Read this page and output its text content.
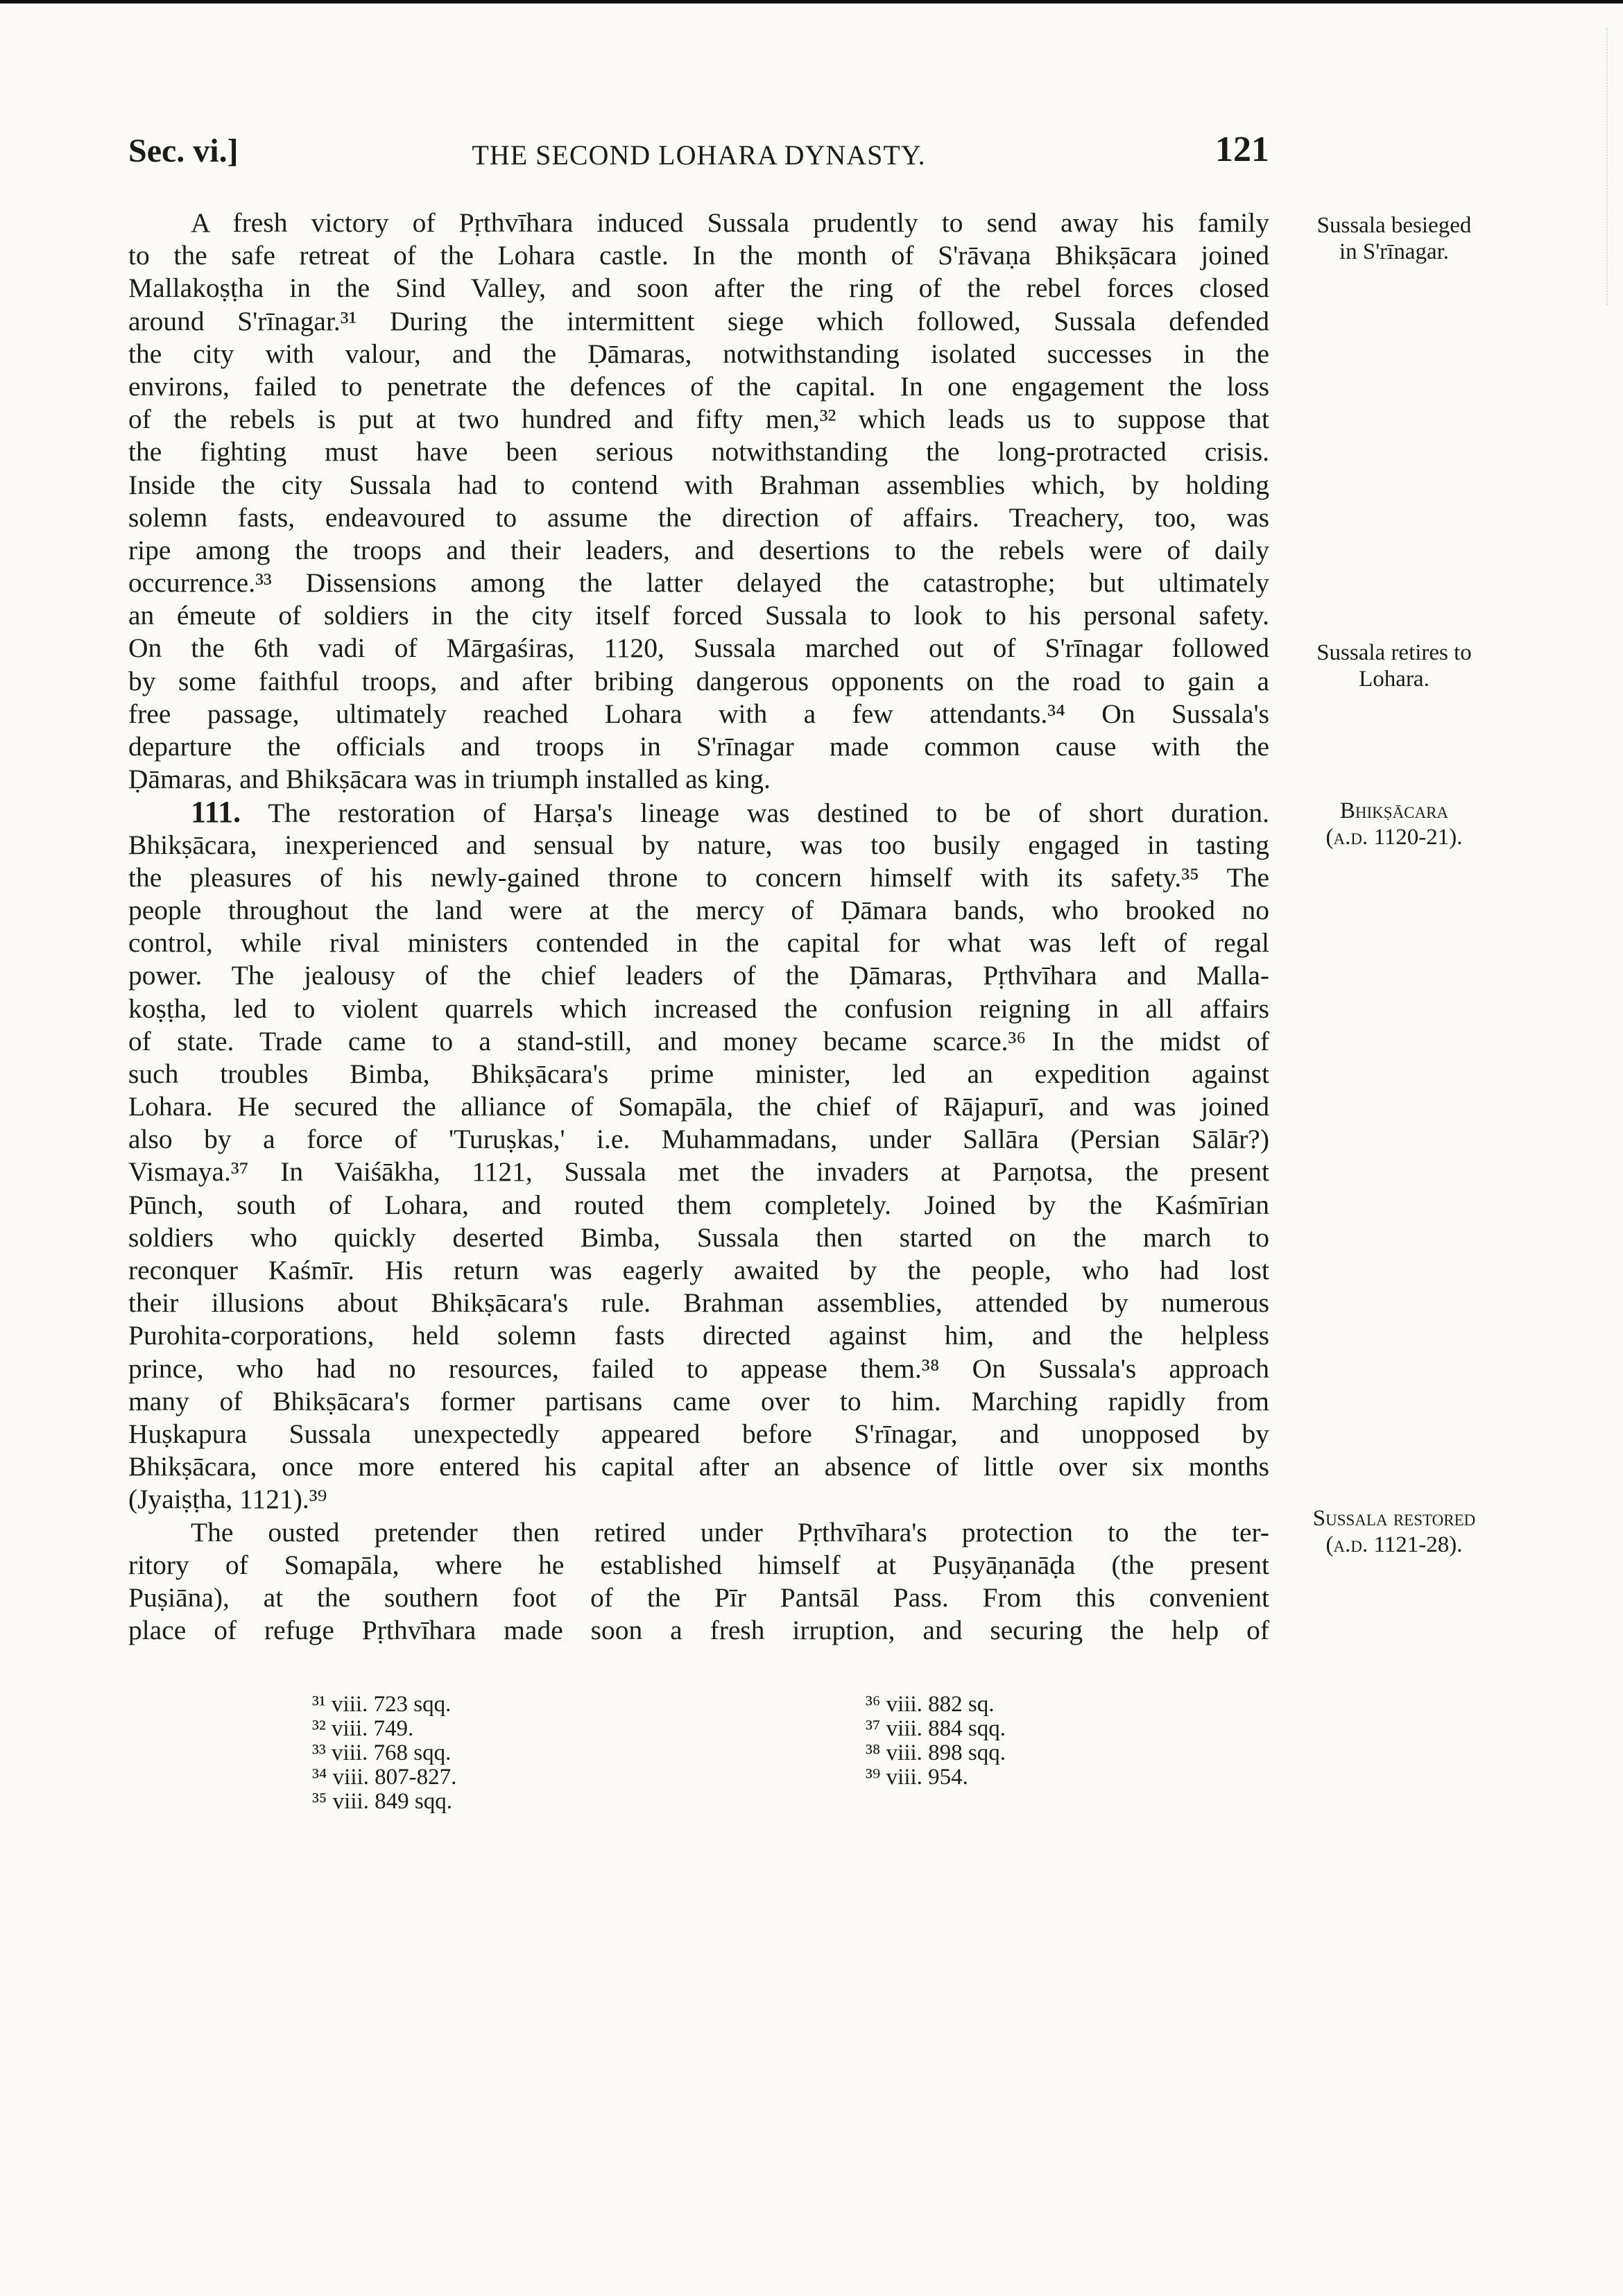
Sec. vi.]	THE SECOND LOHARA DYNASTY.	121
A fresh victory of Pṛthvīhara induced Sussala prudently to send away his family
to the safe retreat of the Lohara castle. In the month of S'rāvaṇa Bhikṣācara joined
Mallakoṣṭha in the Sind Valley, and soon after the ring of the rebel forces closed
around S'rīnagar.³¹ During the intermittent siege which followed, Sussala defended
the city with valour, and the Ḍāmaras, notwithstanding isolated successes in the
environs, failed to penetrate the defences of the capital. In one engagement the loss
of the rebels is put at two hundred and fifty men,³² which leads us to suppose that
the fighting must have been serious notwithstanding the long-protracted crisis.
Inside the city Sussala had to contend with Brahman assemblies which, by holding
solemn fasts, endeavoured to assume the direction of affairs. Treachery, too, was
ripe among the troops and their leaders, and desertions to the rebels were of daily
occurrence.³³ Dissensions among the latter delayed the catastrophe; but ultimately
an émeute of soldiers in the city itself forced Sussala to look to his personal safety.
On the 6th vadi of Mārgaśiras, 1120, Sussala marched out of S'rīnagar followed
by some faithful troops, and after bribing dangerous opponents on the road to gain a
free passage, ultimately reached Lohara with a few attendants.³⁴ On Sussala's
departure the officials and troops in S'rīnagar made common cause with the
Ḍāmaras, and Bhikṣācara was in triumph installed as king.
111. The restoration of Harṣa's lineage was destined to be of short duration.
Bhikṣācara, inexperienced and sensual by nature, was too busily engaged in tasting
the pleasures of his newly-gained throne to concern himself with its safety.³⁵ The
people throughout the land were at the mercy of Ḍāmara bands, who brooked no
control, while rival ministers contended in the capital for what was left of regal
power. The jealousy of the chief leaders of the Ḍāmaras, Pṛthvīhara and Malla-
koṣṭha, led to violent quarrels which increased the confusion reigning in all affairs
of state. Trade came to a stand-still, and money became scarce.³⁶ In the midst of
such troubles Bimba, Bhikṣācara's prime minister, led an expedition against
Lohara. He secured the alliance of Somapāla, the chief of Rājapurī, and was joined
also by a force of 'Turuṣkas,' i.e. Muhammadans, under Sallāra (Persian Sālār?)
Vismaya.³⁷ In Vaiśākha, 1121, Sussala met the invaders at Parṇotsa, the present
Pūnch, south of Lohara, and routed them completely. Joined by the Kaśmīrian
soldiers who quickly deserted Bimba, Sussala then started on the march to
reconquer Kaśmīr. His return was eagerly awaited by the people, who had lost
their illusions about Bhikṣācara's rule. Brahman assemblies, attended by numerous
Purohita-corporations, held solemn fasts directed against him, and the helpless
prince, who had no resources, failed to appease them.³⁸ On Sussala's approach
many of Bhikṣācara's former partisans came over to him. Marching rapidly from
Huṣkapura Sussala unexpectedly appeared before S'rīnagar, and unopposed by
Bhikṣācara, once more entered his capital after an absence of little over six months
(Jyaiṣṭha, 1121).³⁹
The ousted pretender then retired under Pṛthvīhara's protection to the ter-
ritory of Somapāla, where he established himself at Puṣyāṇanāḍa (the present
Puṣiāna), at the southern foot of the Pīr Pantsāl Pass. From this convenient
place of refuge Pṛthvīhara made soon a fresh irruption, and securing the help of
Sussala besieged
in S'rīnagar.
Sussala retires to
Lohara.
Bhikṣācara
(a.d. 1120-21).
Sussala restored
(a.d. 1121-28).
³¹ viii. 723 sqq.
³² viii. 749.
³³ viii. 768 sqq.
³⁴ viii. 807-827.
³⁵ viii. 849 sqq.
³⁶ viii. 882 sq.
³⁷ viii. 884 sqq.
³⁸ viii. 898 sqq.
³⁹ viii. 954.
